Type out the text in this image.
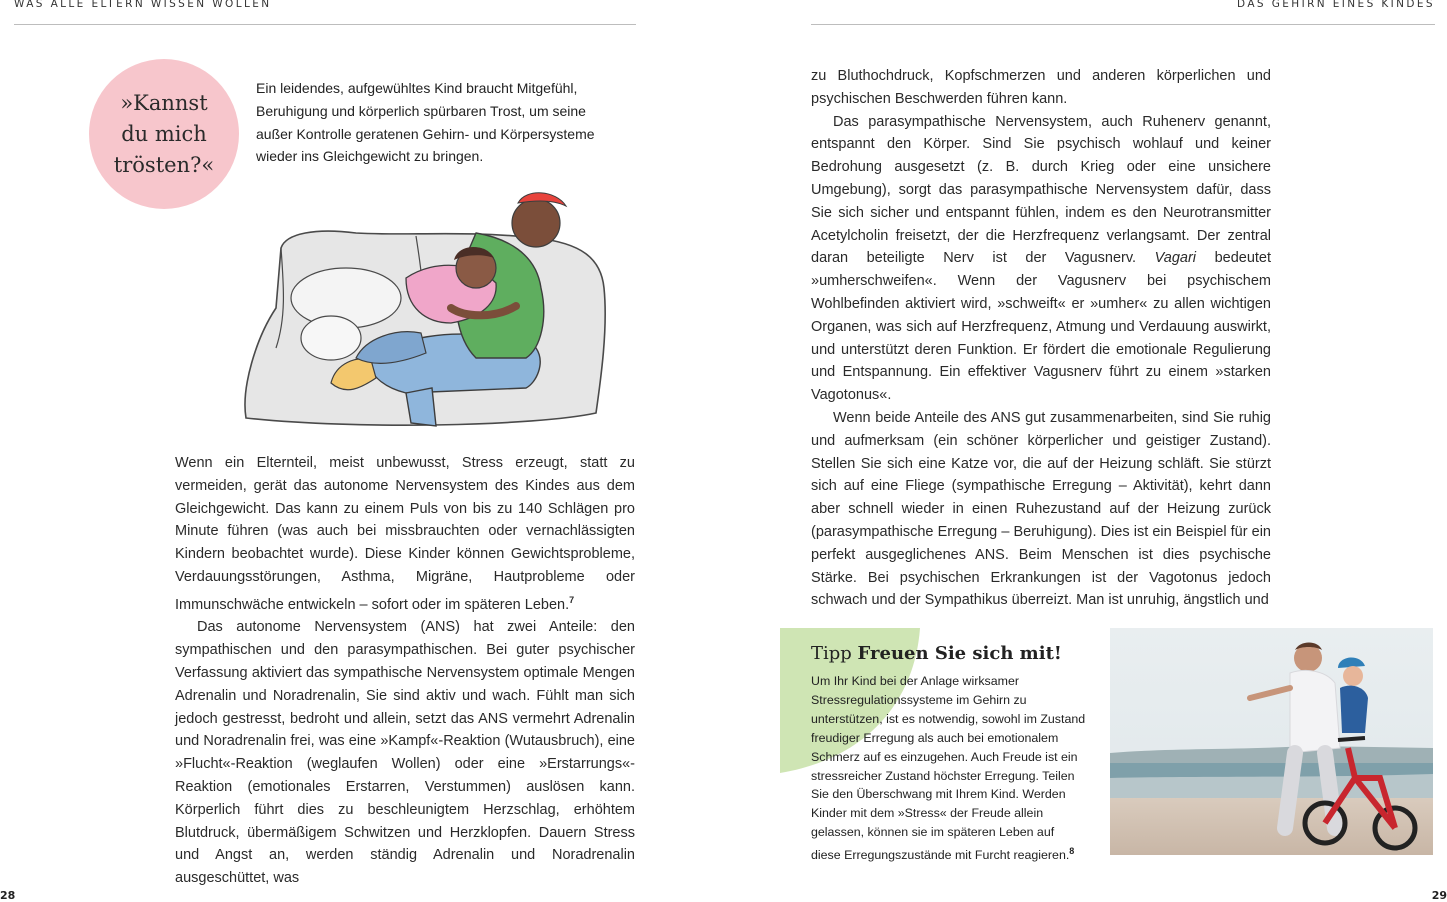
WAS ALLE ELTERN WISSEN WOLLEN	DAS GEHIRN EINES KINDES
»Kannst
du mich
trösten?«
Ein leidendes, aufgewühltes Kind braucht Mitgefühl, Beruhigung und körperlich spürbaren Trost, um seine außer Kontrolle geratenen Gehirn- und Körpersysteme wieder ins Gleichgewicht zu bringen.

Wenn ein Elternteil, meist unbewusst, Stress erzeugt, statt zu vermeiden, gerät das autonome Nervensystem des Kindes aus dem Gleichgewicht. Das kann zu einem Puls von bis zu 140 Schlägen pro Minute führen (was auch bei missbrauchten oder vernachlässigten Kindern beobachtet wurde). Diese Kinder können Gewichtsprobleme, Verdauungsstörungen, Asthma, Migräne, Hautprobleme oder Immunschwäche entwickeln – sofort oder im späteren Leben.$^7$

Das autonome Nervensystem (ANS) hat zwei Anteile: den sympathischen und den parasympathischen. Bei guter psychischer Verfassung aktiviert das sympathische Nervensystem optimale Mengen Adrenalin und Noradrenalin, Sie sind aktiv und wach. Fühlt man sich jedoch gestresst, bedroht und allein, setzt das ANS vermehrt Adrenalin und Noradrenalin frei, was eine »Kampf«-Reaktion (Wutausbruch), eine »Flucht«-Reaktion (weglaufen Wollen) oder eine »Erstarrungs«-Reaktion (emotionales Erstarren, Verstummen) auslösen kann. Körperlich führt dies zu beschleunigtem Herzschlag, erhöhtem Blutdruck, übermäßigem Schwitzen und Herzklopfen. Dauern Stress und Angst an, werden ständig Adrenalin und Noradrenalin ausgeschüttet, was

zu Bluthochdruck, Kopfschmerzen und anderen körperlichen und psychischen Beschwerden führen kann.

Das parasympathische Nervensystem, auch Ruhenerv genannt, entspannt den Körper. Sind Sie psychisch wohlauf und keiner Bedrohung ausgesetzt (z. B. durch Krieg oder eine unsichere Umgebung), sorgt das parasympathische Nervensystem dafür, dass Sie sich sicher und entspannt fühlen, indem es den Neurotransmitter Acetylcholin freisetzt, der die Herzfrequenz verlangsamt. Der zentral daran beteiligte Nerv ist der Vagusnerv. Vagari bedeutet »umherschweifen«. Wenn der Vagusnerv bei psychischem Wohlbefinden aktiviert wird, »schweift« er »umher« zu allen wichtigen Organen, was sich auf Herzfrequenz, Atmung und Verdauung auswirkt, und unterstützt deren Funktion. Er fördert die emotionale Regulierung und Entspannung. Ein effektiver Vagusnerv führt zu einem »starken Vagotonus«.

Wenn beide Anteile des ANS gut zusammenarbeiten, sind Sie ruhig und aufmerksam (ein schöner körperlicher und geistiger Zustand). Stellen Sie sich eine Katze vor, die auf der Heizung schläft. Sie stürzt sich auf eine Fliege (sympathische Erregung – Aktivität), kehrt dann aber schnell wieder in einen Ruhezustand auf der Heizung zurück (parasympathische Erregung – Beruhigung). Dies ist ein Beispiel für ein perfekt ausgeglichenes ANS. Beim Menschen ist dies psychische Stärke. Bei psychischen Erkrankungen ist der Vagotonus jedoch schwach und der Sympathikus überreizt. Man ist unruhig, ängstlich und

Tipp Freuen Sie sich mit!
Um Ihr Kind bei der Anlage wirksamer Stressregulationssysteme im Gehirn zu unterstützen, ist es notwendig, sowohl im Zustand freudiger Erregung als auch bei emotionalem Schmerz auf es einzugehen. Auch Freude ist ein stressreicher Zustand höchster Erregung. Teilen Sie den Überschwang mit Ihrem Kind. Werden Kinder mit dem »Stress« der Freude allein gelassen, können sie im späteren Leben auf diese Erregungszustände mit Furcht reagieren.$^8$
28	29
